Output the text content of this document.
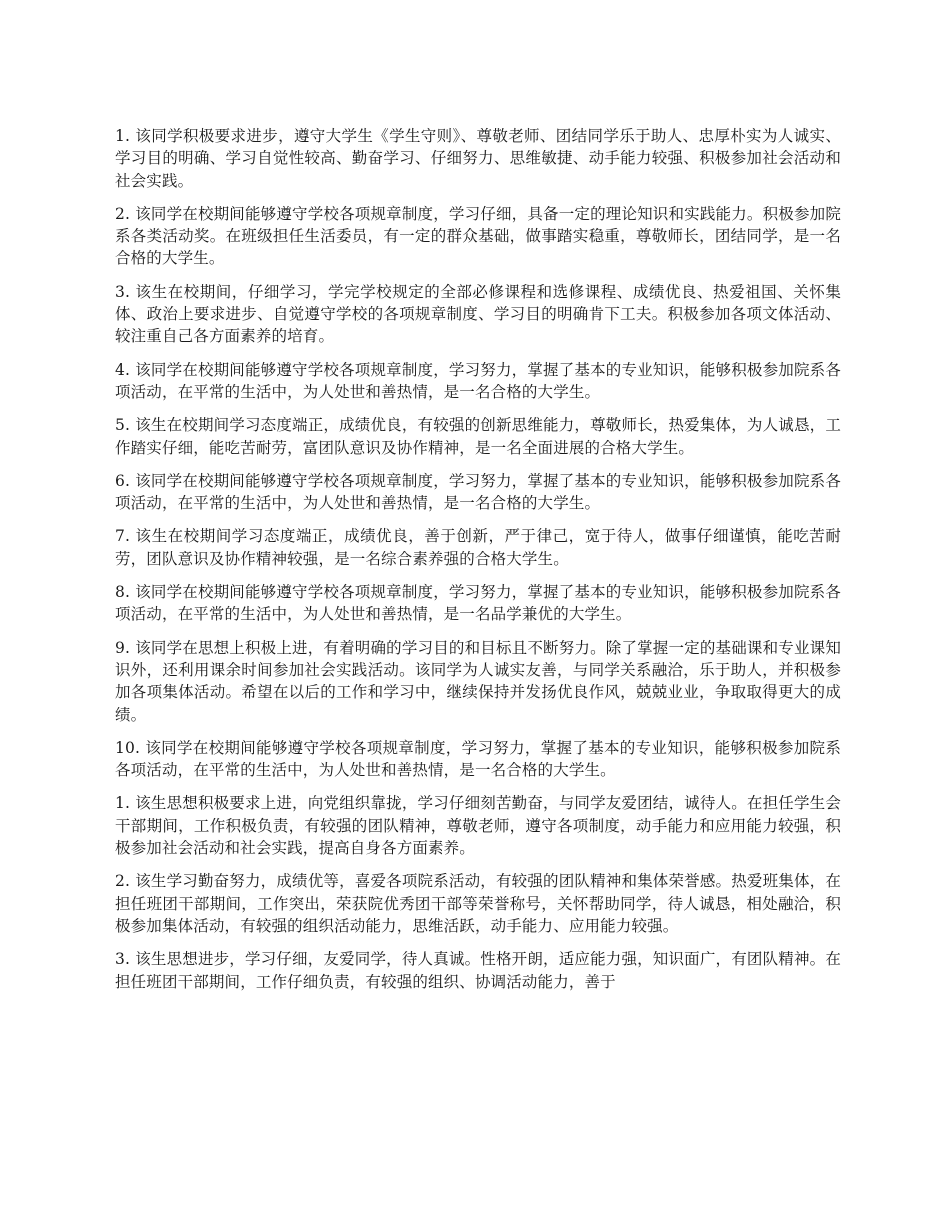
1. 该同学积极要求进步，遵守大学生《学生守则》、尊敬老师、团结同学乐于助人、忠厚朴实为人诚实、学习目的明确、学习自觉性较高、勤奋学习、仔细努力、思维敏捷、动手能力较强、积极参加社会活动和社会实践。

2. 该同学在校期间能够遵守学校各项规章制度，学习仔细，具备一定的理论知识和实践能力。积极参加院系各类活动奖。在班级担任生活委员，有一定的群众基础，做事踏实稳重，尊敬师长，团结同学，是一名合格的大学生。

3. 该生在校期间，仔细学习，学完学校规定的全部必修课程和选修课程、成绩优良、热爱祖国、关怀集体、政治上要求进步、自觉遵守学校的各项规章制度、学习目的明确肯下工夫。积极参加各项文体活动、较注重自己各方面素养的培育。

4. 该同学在校期间能够遵守学校各项规章制度，学习努力，掌握了基本的专业知识，能够积极参加院系各项活动，在平常的生活中，为人处世和善热情，是一名合格的大学生。

5. 该生在校期间学习态度端正，成绩优良，有较强的创新思维能力，尊敬师长，热爱集体，为人诚恳，工作踏实仔细，能吃苦耐劳，富团队意识及协作精神，是一名全面进展的合格大学生。

6. 该同学在校期间能够遵守学校各项规章制度，学习努力，掌握了基本的专业知识，能够积极参加院系各项活动，在平常的生活中，为人处世和善热情，是一名合格的大学生。

7. 该生在校期间学习态度端正，成绩优良，善于创新，严于律己，宽于待人，做事仔细谨慎，能吃苦耐劳，团队意识及协作精神较强，是一名综合素养强的合格大学生。

8. 该同学在校期间能够遵守学校各项规章制度，学习努力，掌握了基本的专业知识，能够积极参加院系各项活动，在平常的生活中，为人处世和善热情，是一名品学兼优的大学生。

9. 该同学在思想上积极上进，有着明确的学习目的和目标且不断努力。除了掌握一定的基础课和专业课知识外，还利用课余时间参加社会实践活动。该同学为人诚实友善，与同学关系融洽，乐于助人，并积极参加各项集体活动。希望在以后的工作和学习中，继续保持并发扬优良作风，兢兢业业，争取取得更大的成绩。

10. 该同学在校期间能够遵守学校各项规章制度，学习努力，掌握了基本的专业知识，能够积极参加院系各项活动，在平常的生活中，为人处世和善热情，是一名合格的大学生。

1. 该生思想积极要求上进，向党组织靠拢，学习仔细刻苦勤奋，与同学友爱团结，诚待人。在担任学生会干部期间，工作积极负责，有较强的团队精神，尊敬老师，遵守各项制度，动手能力和应用能力较强，积极参加社会活动和社会实践，提高自身各方面素养。

2. 该生学习勤奋努力，成绩优等，喜爱各项院系活动，有较强的团队精神和集体荣誉感。热爱班集体，在担任班团干部期间，工作突出，荣获院优秀团干部等荣誉称号，关怀帮助同学，待人诚恳，相处融洽，积极参加集体活动，有较强的组织活动能力，思维活跃，动手能力、应用能力较强。

3. 该生思想进步，学习仔细，友爱同学，待人真诚。性格开朗，适应能力强，知识面广，有团队精神。在担任班团干部期间，工作仔细负责，有较强的组织、协调活动能力，善于
